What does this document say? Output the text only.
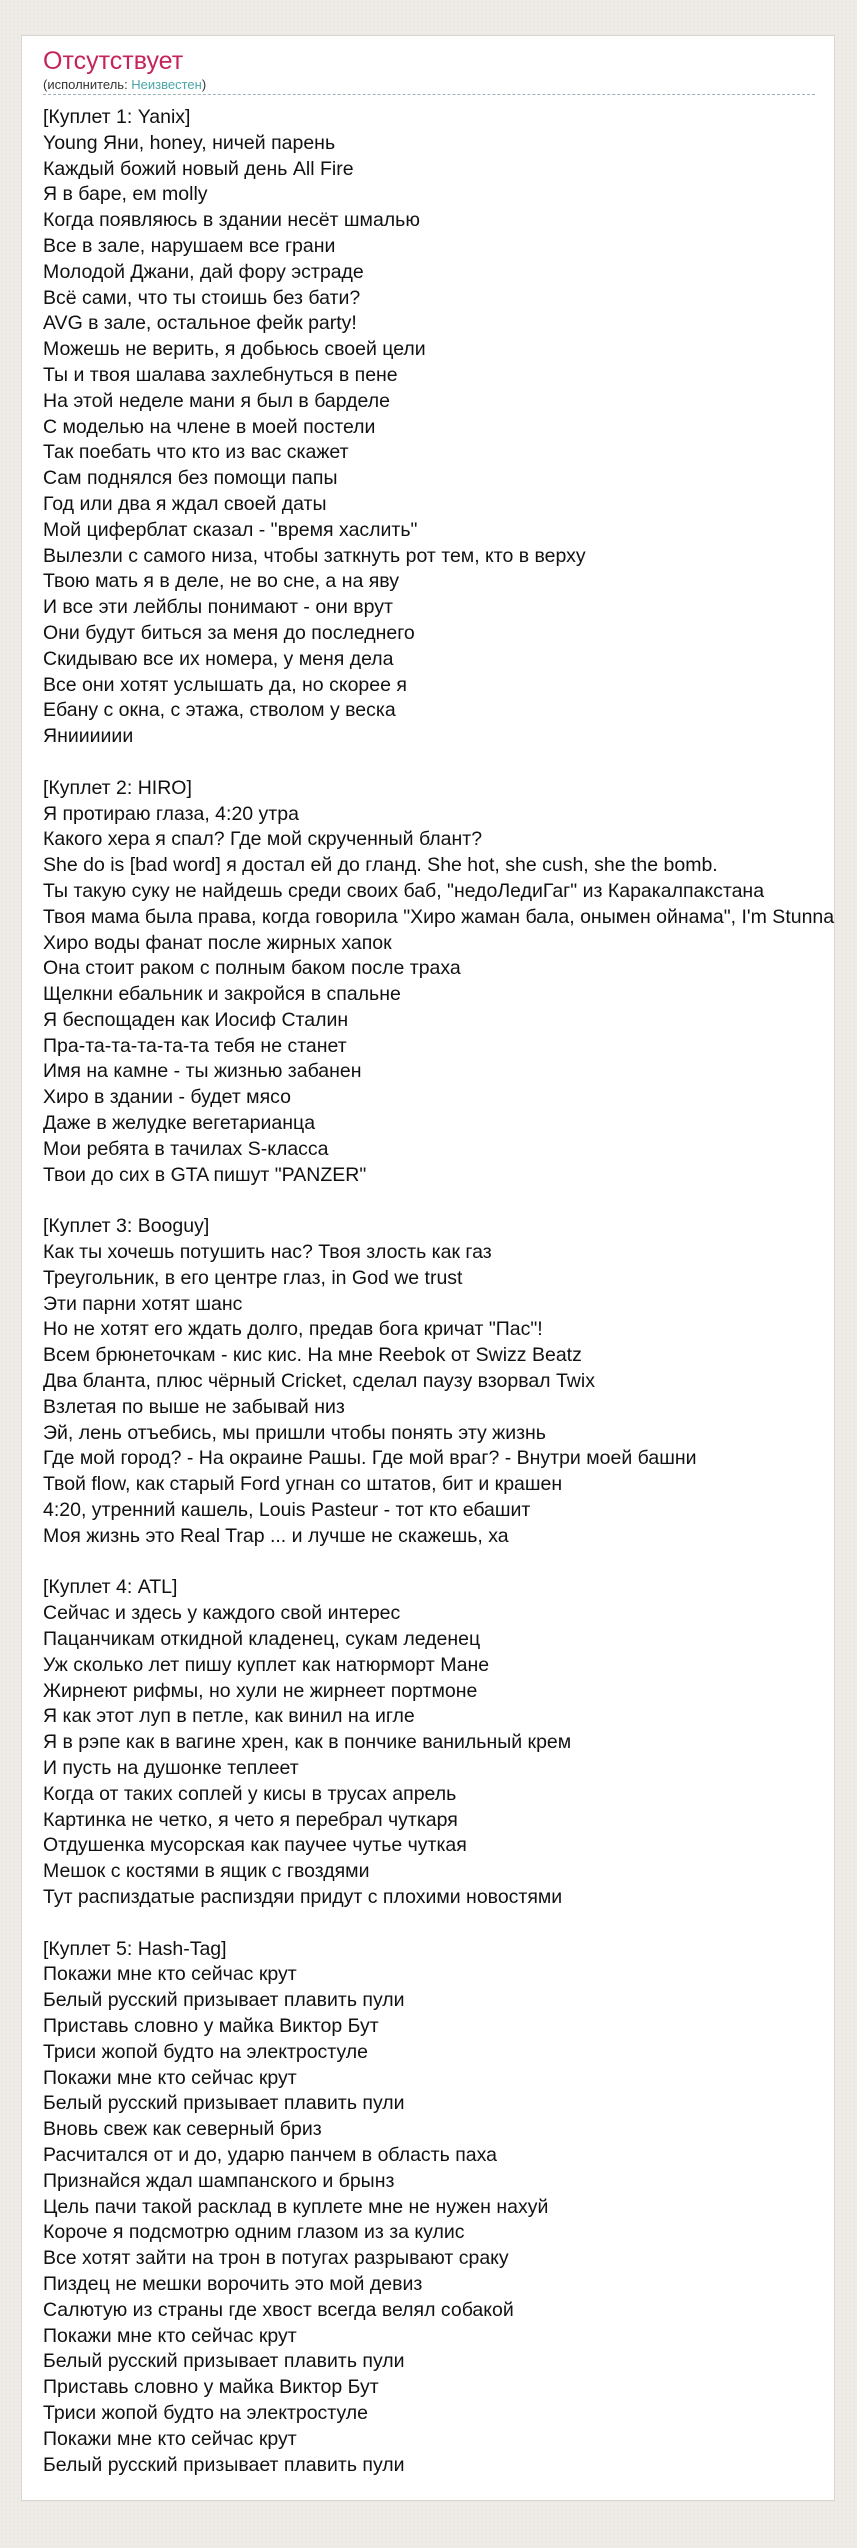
Отсутствует
(исполнитель: Неизвестен)
[Куплет 1: Yanix]
Young Яни, honey, ничей парень
Каждый божий новый день All Fire
Я в баре, ем molly
Когда появляюсь в здании несёт шмалью
Все в зале, нарушаем все грани
Молодой Джани, дай фору эстраде
Всё сами, что ты стоишь без бати?
AVG в зале, остальное фейк party!
Можешь не верить, я добьюсь своей цели
Ты и твоя шалава захлебнуться в пене
На этой неделе мани я был в барделе
С моделью на члене в моей постели
Так поебать что кто из вас скажет
Сам поднялся без помощи папы
Год или два я ждал своей даты
Мой циферблат сказал - "время хаслить"
Вылезли с самого низа, чтобы заткнуть рот тем, кто в верху
Твою мать я в деле, не во сне, а на яву
И все эти лейблы понимают - они врут
Они будут биться за меня до последнего
Скидываю все их номера, у меня дела
Все они хотят услышать да, но скорее я
Ебану с окна, с этажа, стволом у веска
Янииииии
[Куплет 2: HIRO]
Я протираю глаза, 4:20 утра
Какого хера я спал? Где мой скрученный блант?
She do is [bad word] я достал ей до гланд. She hot, she cush, she the bomb.
Ты такую суку не найдешь среди своих баб, "недоЛедиГаг" из Каракалпакстана
Твоя мама была права, когда говорила "Хиро жаман бала, онымен ойнама", I'm Stunna
Хиро воды фанат после жирных хапок
Она стоит раком с полным баком после траха
Щелкни ебальник и закройся в спальне
Я беспощаден как Иосиф Сталин
Пра-та-та-та-та-та тебя не станет
Имя на камне - ты жизнью забанен
Хиро в здании - будет мясо
Даже в желудке вегетарианца
Мои ребята в тачилах S-класса
Твои до сих в GTA пишут "PANZER"
[Куплет 3: Booguy]
Как ты хочешь потушить нас? Твоя злость как газ
Треугольник, в его центре глаз, in God we trust
Эти парни хотят шанс
Но не хотят его ждать долго, предав бога кричат "Пас"!
Всем брюнеточкам - кис кис. На мне Reebok от Swizz Beatz
Два бланта, плюс чёрный Cricket, сделал паузу взорвал Twix
Взлетая по выше не забывай низ
Эй, лень отъебись, мы пришли чтобы понять эту жизнь
Где мой город? - На окраине Рашы. Где мой враг? - Внутри моей башни
Твой flow, как старый Ford угнан со штатов, бит и крашен
4:20, утренний кашель, Louis Pasteur - тот кто ебашит
Моя жизнь это Real Trap ... и лучше не скажешь, ха
[Куплет 4: ATL]
Сейчас и здесь у каждого свой интерес
Пацанчикам откидной кладенец, сукам леденец
Уж сколько лет пишу куплет как натюрморт Мане
Жирнеют рифмы, но хули не жирнеет портмоне
Я как этот луп в петле, как винил на игле
Я в рэпе как в вагине хрен, как в пончике ванильный крем
И пусть на душонке теплеет
Когда от таких соплей у кисы в трусах апрель
Картинка не четко, я чето я перебрал чуткаря
Отдушенка мусорская как паучее чутье чуткая
Мешок с костями в ящик с гвоздями
Тут распиздатые распиздяи придут с плохими новостями
[Куплет 5: Hash-Tag]
Покажи мне кто сейчас крут
Белый русский призывает плавить пули
Приставь словно у майка Виктор Бут
Триси жопой будто на электростуле
Покажи мне кто сейчас крут
Белый русский призывает плавить пули
Вновь свеж как северный бриз
Расчитался от и до, ударю панчем в область паха
Признайся ждал шампанского и брынз
Цель пачи такой расклад в куплете мне не нужен нахуй
Короче я подсмотрю одним глазом из за кулис
Все хотят зайти на трон в потугах разрывают сраку
Пиздец не мешки ворочить это мой девиз
Салютую из страны где хвост всегда велял собакой
Покажи мне кто сейчас крут
Белый русский призывает плавить пули
Приставь словно у майка Виктор Бут
Триси жопой будто на электростуле
Покажи мне кто сейчас крут
Белый русский призывает плавить пули
